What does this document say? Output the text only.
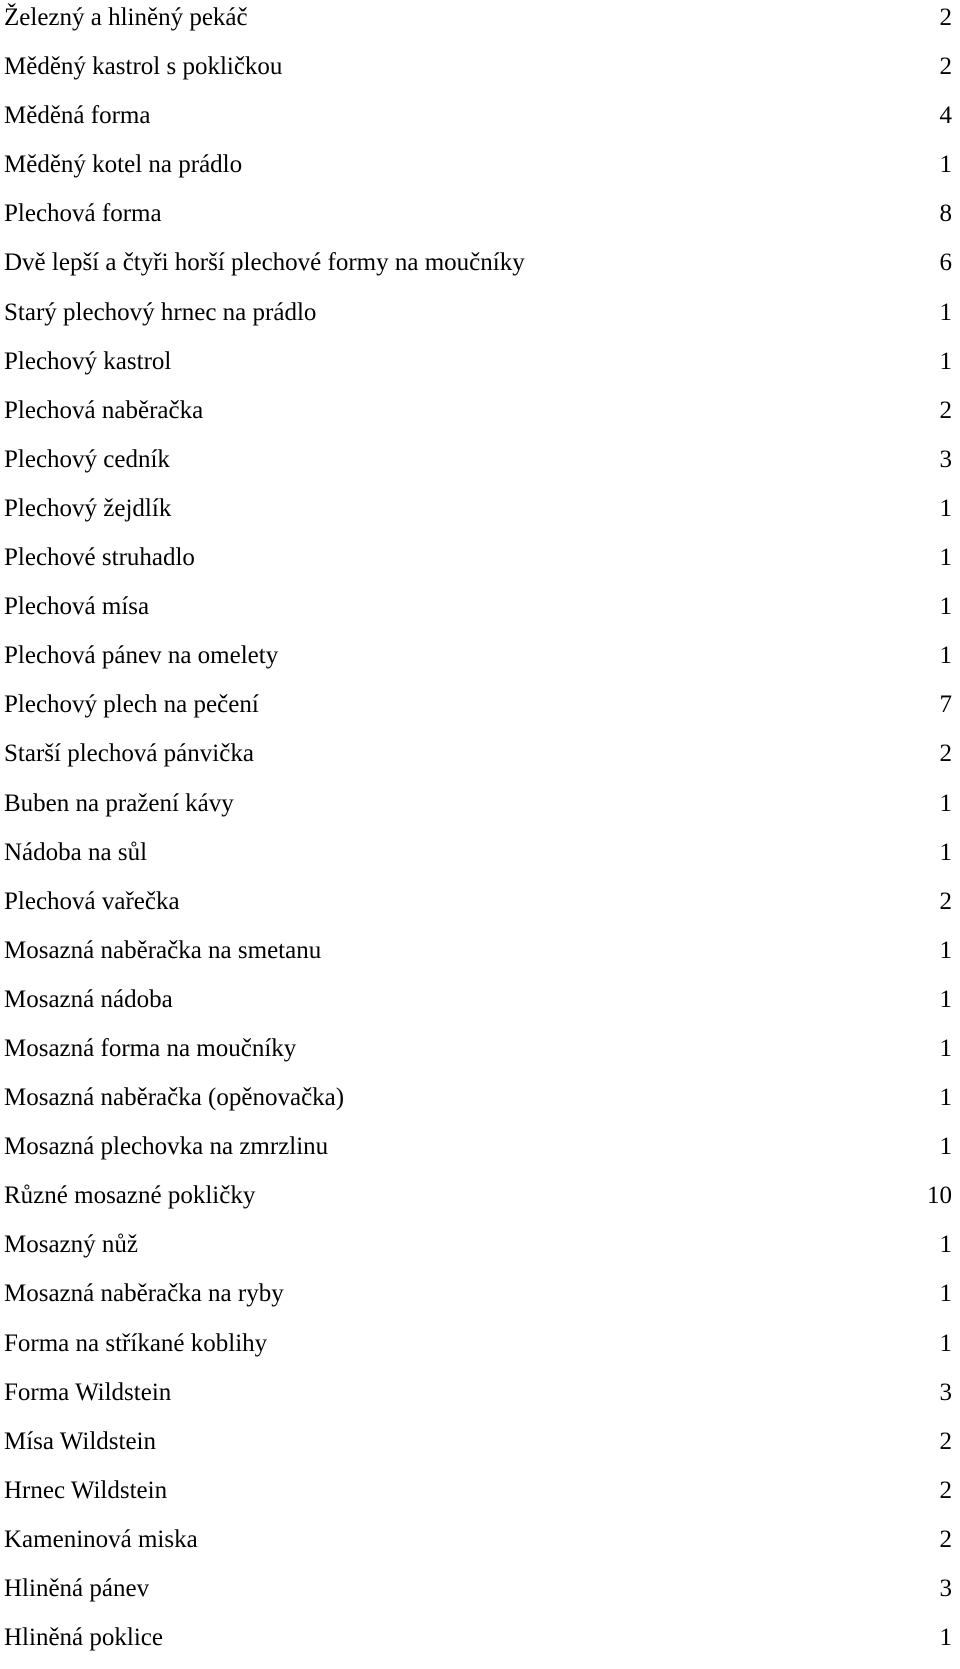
Železný a hliněný pekáč	2
Měděný kastrol s pokličkou	2
Měděná forma	4
Měděný kotel na prádlo	1
Plechová forma	8
Dvě lepší a čtyři horší plechové formy na moučníky	6
Starý plechový hrnec na prádlo	1
Plechový kastrol	1
Plechová naběračka	2
Plechový cedník	3
Plechový žejdlík	1
Plechové struhadlo	1
Plechová mísa	1
Plechová pánev na omelety	1
Plechový plech na pečení	7
Starší plechová pánvička	2
Buben na pražení kávy	1
Nádoba na sůl	1
Plechová vařečka	2
Mosazná naběračka na smetanu	1
Mosazná nádoba	1
Mosazná forma na moučníky	1
Mosazná naběračka (opěnovačka)	1
Mosazná plechovka na zmrzlinu	1
Různé mosazné pokličky	10
Mosazný nůž	1
Mosazná naběračka na ryby	1
Forma na stříkané koblihy	1
Forma Wildstein	3
Mísa Wildstein	2
Hrnec Wildstein	2
Kameninová miska	2
Hliněná pánev	3
Hliněná poklice	1
